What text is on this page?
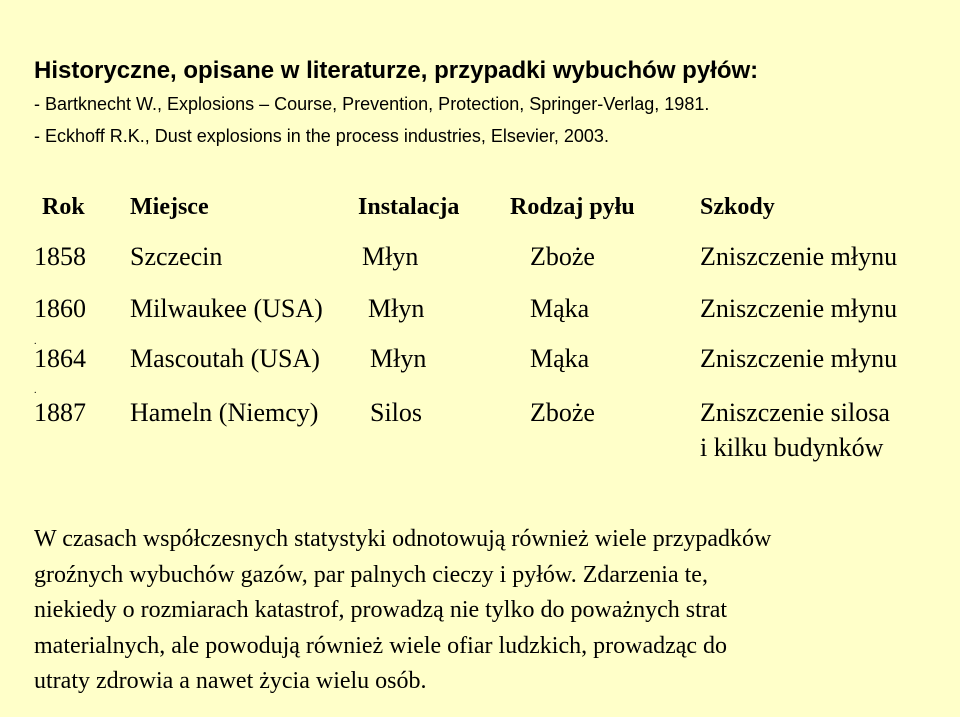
Historyczne, opisane w literaturze, przypadki wybuchów pyłów:
- Bartknecht W., Explosions – Course, Prevention, Protection, Springer-Verlag, 1981.
- Eckhoff R.K., Dust explosions in the process industries, Elsevier, 2003.
Rok Miejsce	Instalacja Rodzaj pyłu	Szkody
1858 Szczecin	Młyn	Zboże	Zniszczenie młynu
1860 Milwaukee (USA) Młyn	Mąka	Zniszczenie młynu
.
1864 Mascoutah (USA) Młyn	Mąka	Zniszczenie młynu
.
1887 Hameln (Niemcy) Silos	Zboże	Zniszczenie silosa
i kilku budynków
W czasach współczesnych statystyki odnotowują również wiele przypadków
groźnych wybuchów gazów, par palnych cieczy i pyłów. Zdarzenia te,
niekiedy o rozmiarach katastrof, prowadzą nie tylko do poważnych strat
materialnych, ale powodują również wiele ofiar ludzkich, prowadząc do
utraty zdrowia a nawet życia wielu osób.
